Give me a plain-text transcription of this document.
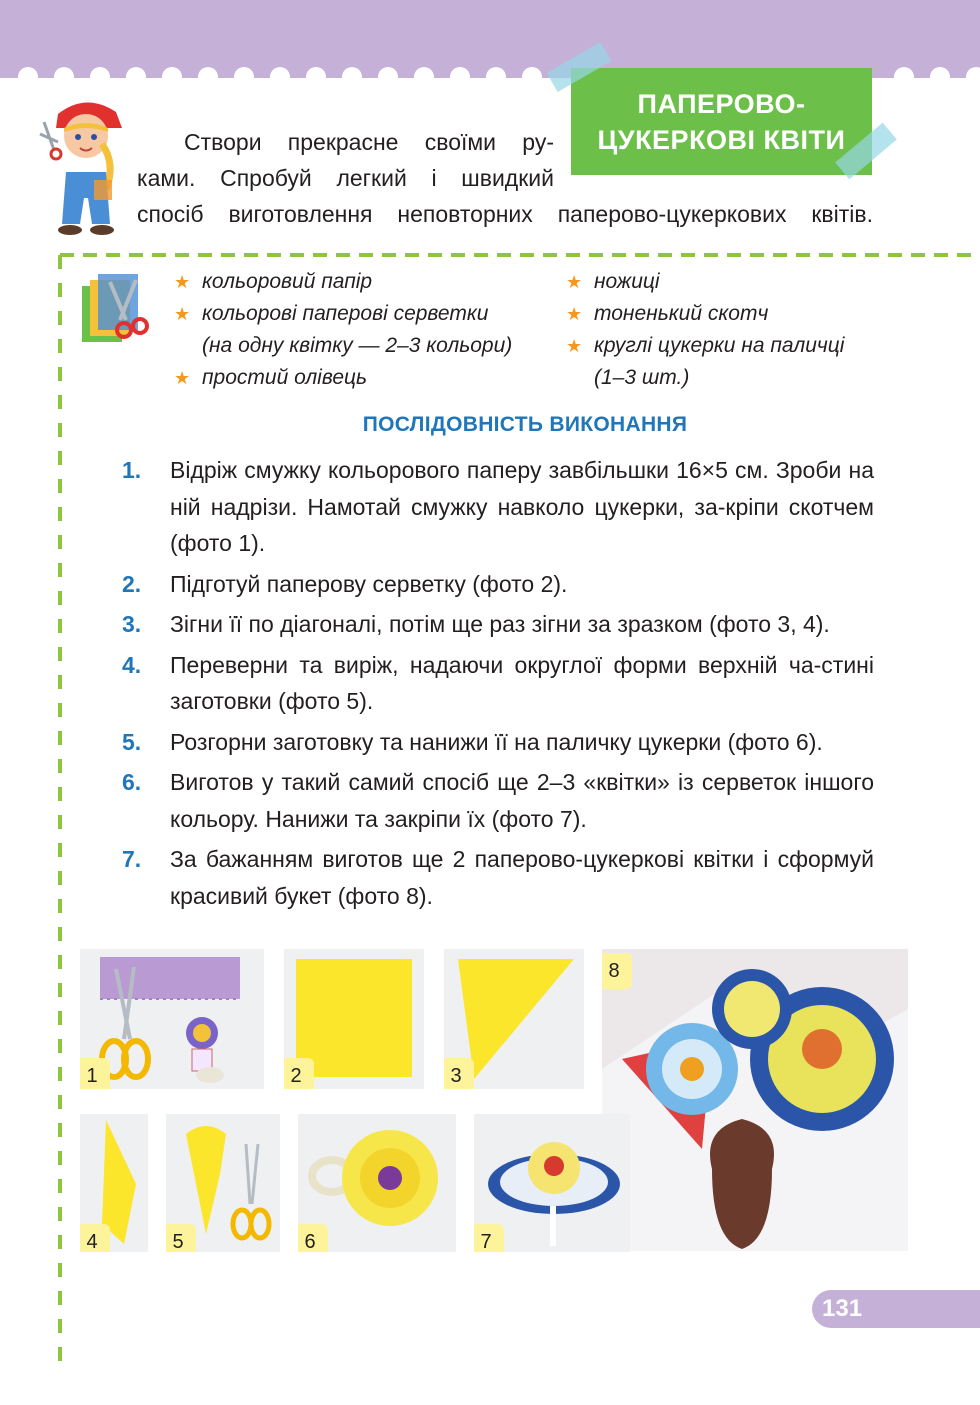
ПАПЕРОВО-
ЦУКЕРКОВІ КВІТИ
Створи прекрасне своїми ру-
ками. Спробуй легкий і швидкий
спосіб виготовлення неповторних паперово-цукеркових квітів.
★ кольоровий папір
★ кольорові паперові серветки
(на одну квітку — 2–3 кольори)
★ простий олівець
★ ножиці
★ тоненький скотч
★ круглі цукерки на паличці
(1–3 шт.)
ПОСЛІДОВНІСТЬ ВИКОНАННЯ
1.	Відріж смужку кольорового паперу завбільшки 16×5 см. Зроби на ній надрізи. Намотай смужку навколо цукерки, за-кріпи скотчем (фото 1).
2.	Підготуй паперову серветку (фото 2).
3.	Зігни її по діагоналі, потім ще раз зігни за зразком (фото 3, 4).
4.	Переверни та виріж, надаючи округлої форми верхній ча-стині заготовки (фото 5).
5.	Розгорни заготовку та нанижи її на паличку цукерки (фото 6).
6.	Виготов у такий самий спосіб ще 2–3 «квітки» із серветок іншого кольору. Нанижи та закріпи їх (фото 7).
7.	За бажанням виготов ще 2 паперово-цукеркові квітки і сформуй красивий букет (фото 8).
1	2	3
8
4	5	6	7
131
